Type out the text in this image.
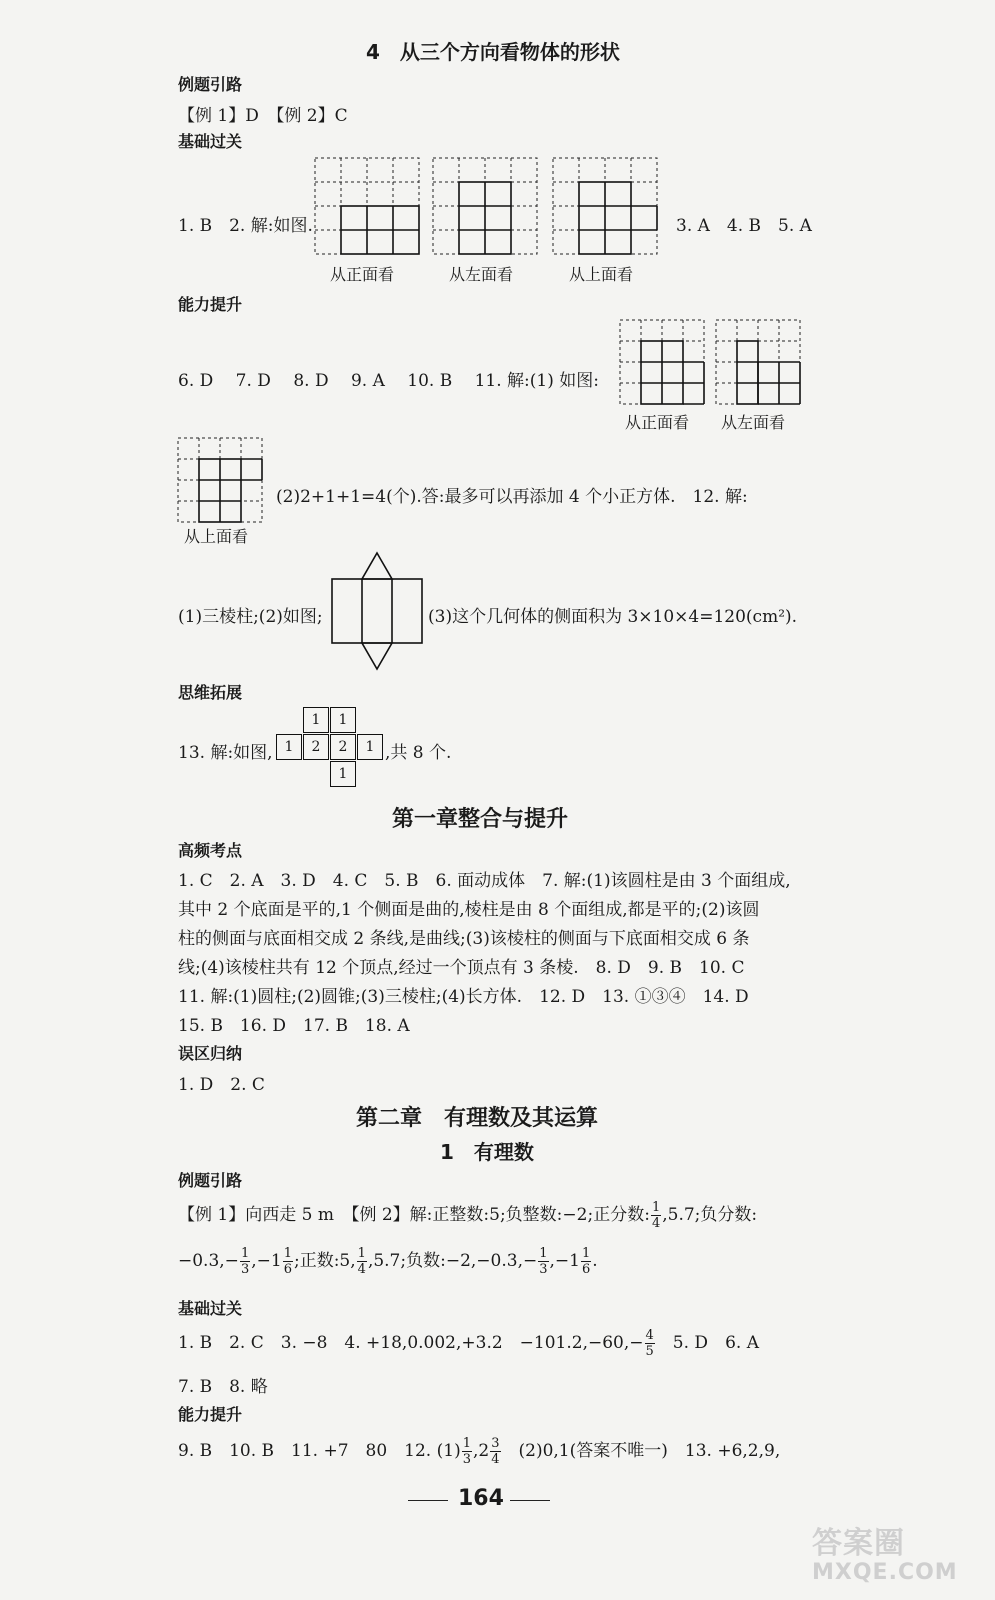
4　从三个方向看物体的形状
例题引路
【例 1】D　【例 2】C
基础过关
1. B　2. 解:如图.
从正面看	从左面看	从上面看
3. A　4. B　5. A
能力提升
6. D　 7. D　 8. D　 9. A　 10. B　 11. 解:(1) 如图:
从正面看 从左面看
从上面看
(2)2+1+1=4(个).答:最多可以再添加 4 个小正方体.　12. 解:
(1)三棱柱;(2)如图;	(3)这个几何体的侧面积为 3×10×4=120(cm²).
思维拓展
13. 解:如图,
1	1
1	2	2	1
1
,共 8 个.
第一章整合与提升
高频考点
1. C　2. A　3. D　4. C　5. B　6. 面动成体　7. 解:(1)该圆柱是由 3 个面组成,
其中 2 个底面是平的,1 个侧面是曲的,棱柱是由 8 个面组成,都是平的;(2)该圆
柱的侧面与底面相交成 2 条线,是曲线;(3)该棱柱的侧面与下底面相交成 6 条
线;(4)该棱柱共有 12 个顶点,经过一个顶点有 3 条棱.　8. D　9. B　10. C
11. 解:(1)圆柱;(2)圆锥;(3)三棱柱;(4)长方体.　12. D　13. ①③④　14. D
15. B　16. D　17. B　18. A
误区归纳
1. D　2. C
第二章　有理数及其运算
1　有理数
例题引路
【例 1】向西走 5 m　【例 2】解:正整数:5;负整数:−2;正分数: $\frac{1}{4} ,5.7$;负分数:
$-0.3,- \frac{1}{3} ,-1 \frac{1}{6}$ ;正数:5, $\frac{1}{4} ,5.7$;负数:−2,−0.3,− $\frac{1}{3} ,-1 \frac{1}{6}$ .
基础过关
1. B　2. C　3. −8　4. +18,0.002,+3.2　$-101.2,-60,- \frac{4}{5}$ 　5. D　6. A
7. B　8. 略
能力提升
9. B　10. B　11. +7　80　12. $(1) \frac{1}{3} ,2 \frac{3}{4}$ 　(2)0,1(答案不唯一)　13. +6,2,9,
164
答案圈
MXQE.COM
